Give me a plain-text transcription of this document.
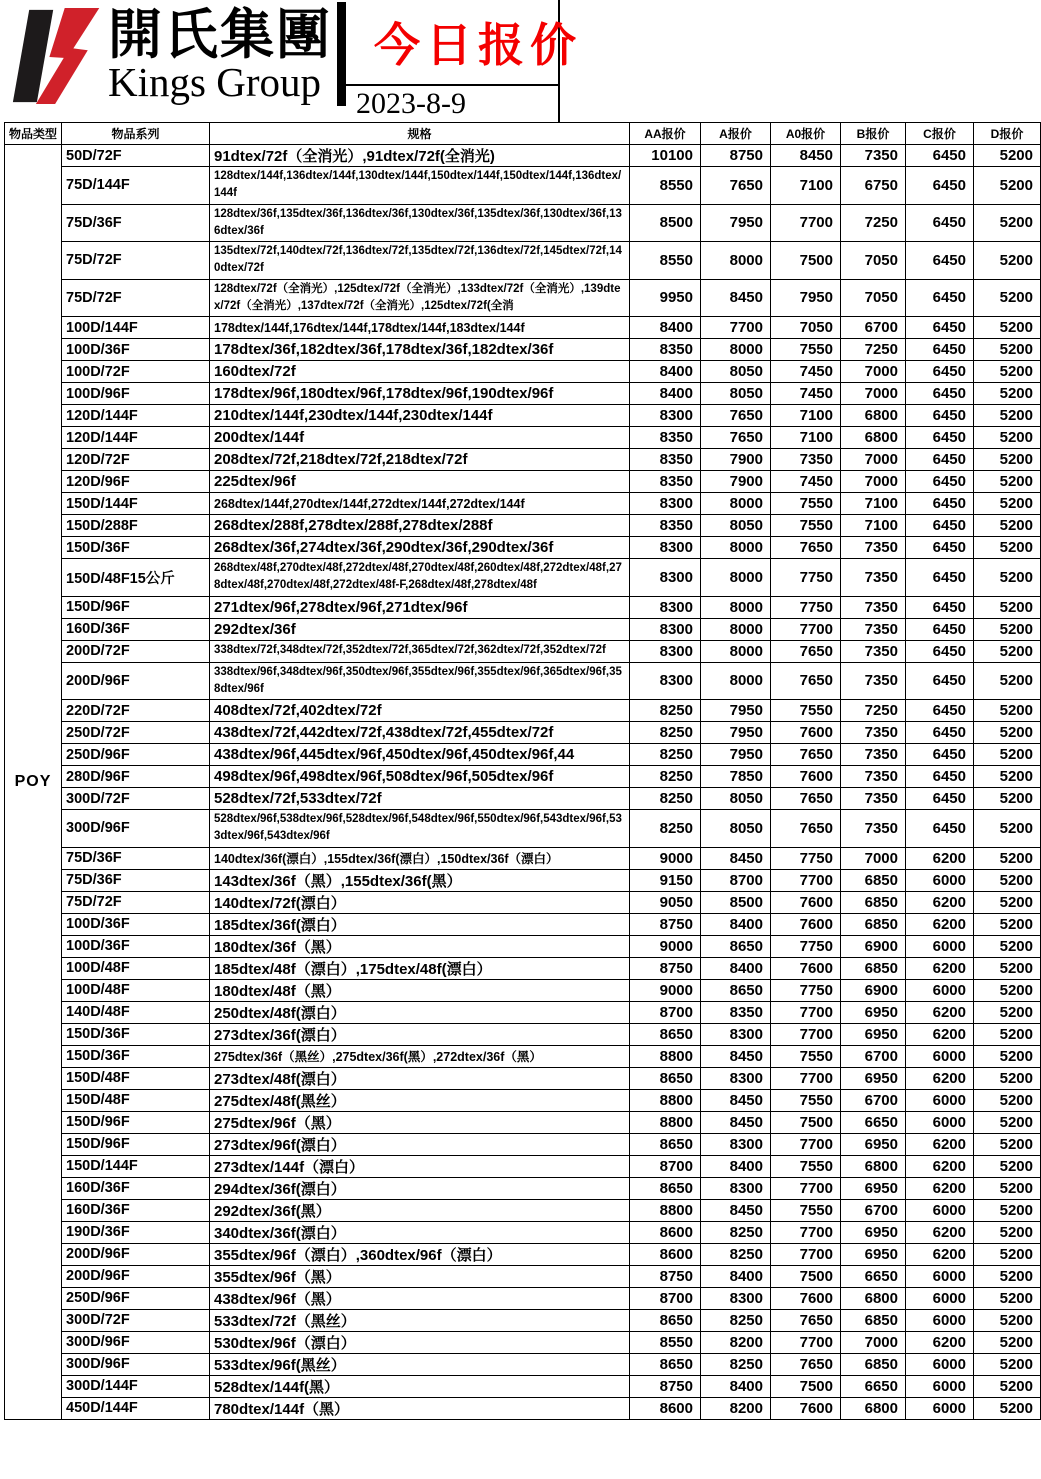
開氏集團
Kings Group
今日报价
2023-8-9
物品类型	物品系列	规格	AA报价	A报价	A0报价	B报价	C报价	D报价
POY	50D/72F	91dtex/72f（全消光）,91dtex/72f(全消光)	10100	8750	8450	7350	6450	5200
	75D/144F	128dtex/144f,136dtex/144f,130dtex/144f,150dtex/144f,150dtex/144f,136dtex/144f	8550	7650	7100	6750	6450	5200
	75D/36F	128dtex/36f,135dtex/36f,136dtex/36f,130dtex/36f,135dtex/36f,130dtex/36f,136dtex/36f	8500	7950	7700	7250	6450	5200
	75D/72F	135dtex/72f,140dtex/72f,136dtex/72f,135dtex/72f,136dtex/72f,145dtex/72f,140dtex/72f	8550	8000	7500	7050	6450	5200
	75D/72F	128dtex/72f（全消光）,125dtex/72f（全消光）,133dtex/72f（全消光）,139dtex/72f（全消光）,137dtex/72f（全消光）,125dtex/72f(全消	9950	8450	7950	7050	6450	5200
	100D/144F	178dtex/144f,176dtex/144f,178dtex/144f,183dtex/144f	8400	7700	7050	6700	6450	5200
	100D/36F	178dtex/36f,182dtex/36f,178dtex/36f,182dtex/36f	8350	8000	7550	7250	6450	5200
	100D/72F	160dtex/72f	8400	8050	7450	7000	6450	5200
	100D/96F	178dtex/96f,180dtex/96f,178dtex/96f,190dtex/96f	8400	8050	7450	7000	6450	5200
	120D/144F	210dtex/144f,230dtex/144f,230dtex/144f	8300	7650	7100	6800	6450	5200
	120D/144F	200dtex/144f	8350	7650	7100	6800	6450	5200
	120D/72F	208dtex/72f,218dtex/72f,218dtex/72f	8350	7900	7350	7000	6450	5200
	120D/96F	225dtex/96f	8350	7900	7450	7000	6450	5200
	150D/144F	268dtex/144f,270dtex/144f,272dtex/144f,272dtex/144f	8300	8000	7550	7100	6450	5200
	150D/288F	268dtex/288f,278dtex/288f,278dtex/288f	8350	8050	7550	7100	6450	5200
	150D/36F	268dtex/36f,274dtex/36f,290dtex/36f,290dtex/36f	8300	8000	7650	7350	6450	5200
	150D/48F15公斤	268dtex/48f,270dtex/48f,272dtex/48f,270dtex/48f,260dtex/48f,272dtex/48f,278dtex/48f,270dtex/48f,272dtex/48f-F,268dtex/48f,278dtex/48f	8300	8000	7750	7350	6450	5200
	150D/96F	271dtex/96f,278dtex/96f,271dtex/96f	8300	8000	7750	7350	6450	5200
	160D/36F	292dtex/36f	8300	8000	7700	7350	6450	5200
	200D/72F	338dtex/72f,348dtex/72f,352dtex/72f,365dtex/72f,362dtex/72f,352dtex/72f	8300	8000	7650	7350	6450	5200
	200D/96F	338dtex/96f,348dtex/96f,350dtex/96f,355dtex/96f,355dtex/96f,365dtex/96f,358dtex/96f	8300	8000	7650	7350	6450	5200
	220D/72F	408dtex/72f,402dtex/72f	8250	7950	7550	7250	6450	5200
	250D/72F	438dtex/72f,442dtex/72f,438dtex/72f,455dtex/72f	8250	7950	7600	7350	6450	5200
	250D/96F	438dtex/96f,445dtex/96f,450dtex/96f,450dtex/96f,44	8250	7950	7650	7350	6450	5200
	280D/96F	498dtex/96f,498dtex/96f,508dtex/96f,505dtex/96f	8250	7850	7600	7350	6450	5200
	300D/72F	528dtex/72f,533dtex/72f	8250	8050	7650	7350	6450	5200
	300D/96F	528dtex/96f,538dtex/96f,528dtex/96f,548dtex/96f,550dtex/96f,543dtex/96f,533dtex/96f,543dtex/96f	8250	8050	7650	7350	6450	5200
	75D/36F	140dtex/36f(漂白）,155dtex/36f(漂白）,150dtex/36f（漂白）	9000	8450	7750	7000	6200	5200
	75D/36F	143dtex/36f（黑）,155dtex/36f(黑）	9150	8700	7700	6850	6000	5200
	75D/72F	140dtex/72f(漂白）	9050	8500	7600	6850	6200	5200
	100D/36F	185dtex/36f(漂白）	8750	8400	7600	6850	6200	5200
	100D/36F	180dtex/36f（黑）	9000	8650	7750	6900	6000	5200
	100D/48F	185dtex/48f（漂白）,175dtex/48f(漂白）	8750	8400	7600	6850	6200	5200
	100D/48F	180dtex/48f（黑）	9000	8650	7750	6900	6000	5200
	140D/48F	250dtex/48f(漂白）	8700	8350	7700	6950	6200	5200
	150D/36F	273dtex/36f(漂白）	8650	8300	7700	6950	6200	5200
	150D/36F	275dtex/36f（黑丝）,275dtex/36f(黑）,272dtex/36f（黑）	8800	8450	7550	6700	6000	5200
	150D/48F	273dtex/48f(漂白）	8650	8300	7700	6950	6200	5200
	150D/48F	275dtex/48f(黑丝）	8800	8450	7550	6700	6000	5200
	150D/96F	275dtex/96f（黑）	8800	8450	7500	6650	6000	5200
	150D/96F	273dtex/96f(漂白）	8650	8300	7700	6950	6200	5200
	150D/144F	273dtex/144f（漂白）	8700	8400	7550	6800	6200	5200
	160D/36F	294dtex/36f(漂白）	8650	8300	7700	6950	6200	5200
	160D/36F	292dtex/36f(黑）	8800	8450	7550	6700	6000	5200
	190D/36F	340dtex/36f(漂白）	8600	8250	7700	6950	6200	5200
	200D/96F	355dtex/96f（漂白）,360dtex/96f（漂白）	8600	8250	7700	6950	6200	5200
	200D/96F	355dtex/96f（黑）	8750	8400	7500	6650	6000	5200
	250D/96F	438dtex/96f（黑）	8700	8300	7600	6800	6000	5200
	300D/72F	533dtex/72f（黑丝）	8650	8250	7650	6850	6000	5200
	300D/96F	530dtex/96f（漂白）	8550	8200	7700	7000	6200	5200
	300D/96F	533dtex/96f(黑丝）	8650	8250	7650	6850	6000	5200
	300D/144F	528dtex/144f(黑）	8750	8400	7500	6650	6000	5200
	450D/144F	780dtex/144f（黑）	8600	8200	7600	6800	6000	5200
